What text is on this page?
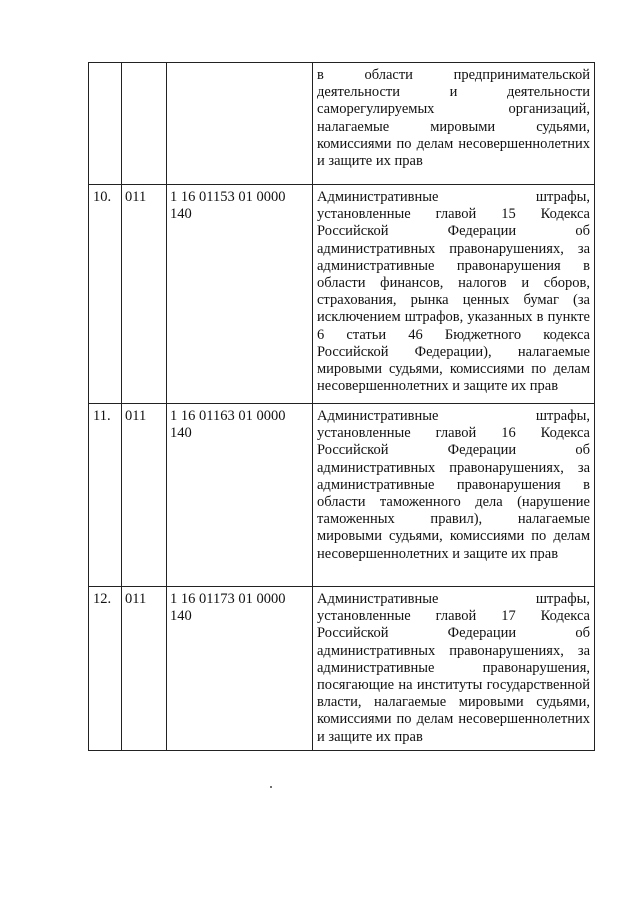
			в области предпринимательской деятельности и деятельности саморегулируемых организаций, налагаемые мировыми судьями, комиссиями по делам несовершеннолетних и защите их прав

10.	011	1 16 01153 01 0000 140	Административные штрафы, установленные главой 15 Кодекса Российской Федерации об административных правонарушениях, за административные правонарушения в области финансов, налогов и сборов, страхования, рынка ценных бумаг (за исключением штрафов, указанных в пункте 6 статьи 46 Бюджетного кодекса Российской Федерации), налагаемые мировыми судьями, комиссиями по делам несовершеннолетних и защите их прав

11.	011	1 16 01163 01 0000 140	Административные штрафы, установленные главой 16 Кодекса Российской Федерации об административных правонарушениях, за административные правонарушения в области таможенного дела (нарушение таможенных правил), налагаемые мировыми судьями, комиссиями по делам несовершеннолетних и защите их прав

12.	011	1 16 01173 01 0000 140	Административные штрафы, установленные главой 17 Кодекса Российской Федерации об административных правонарушениях, за административные правонарушения, посягающие на институты государственной власти, налагаемые мировыми судьями, комиссиями по делам несовершеннолетних и защите их прав
